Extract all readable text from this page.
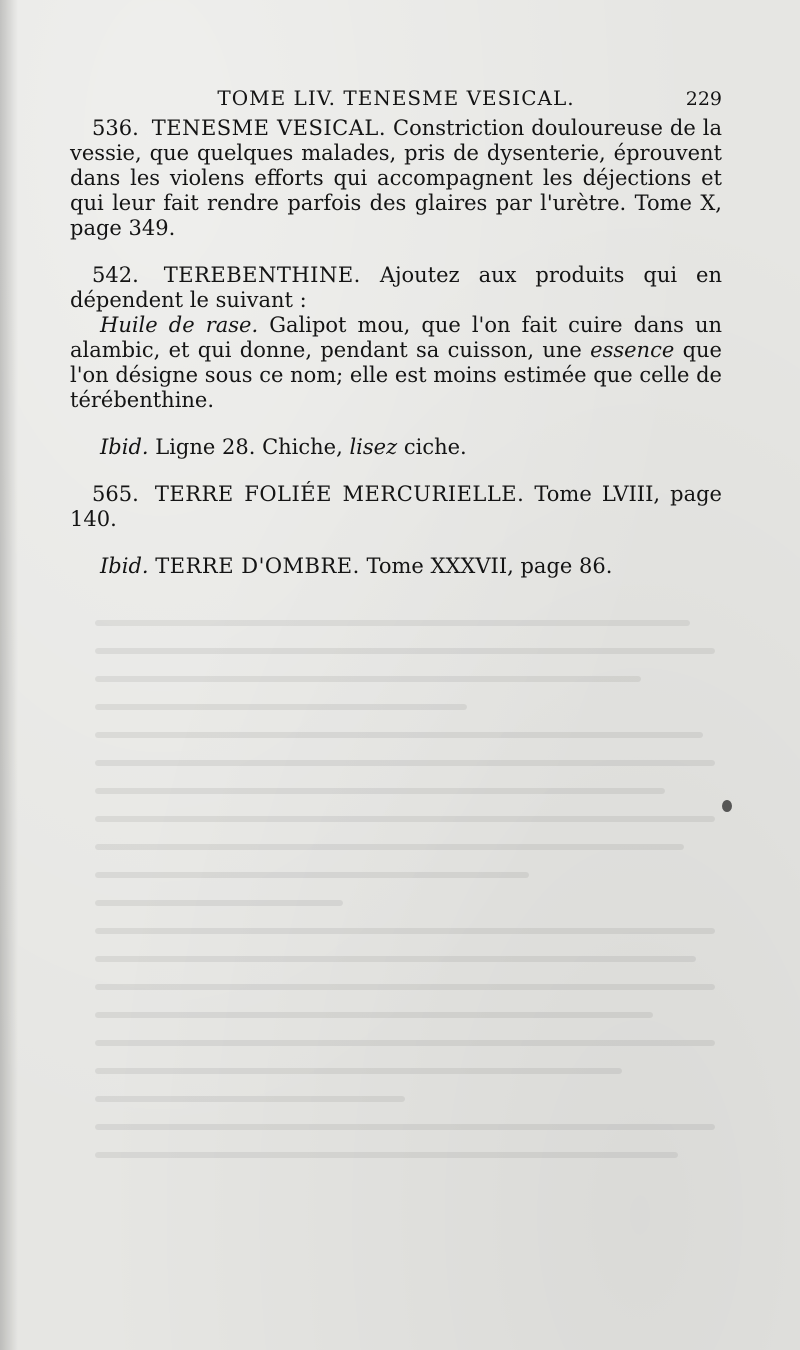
TOME LIV. TENESME VESICAL.	229

536. TENESME VESICAL. Constriction douloureuse de la vessie, que quelques malades, pris de dysenterie, éprouvent dans les violens efforts qui accompagnent les déjections et qui leur fait rendre parfois des glaires par l'urètre. Tome X, page 349.

542. TEREBENTHINE. Ajoutez aux produits qui en dépendent le suivant :

Huile de rase. Galipot mou, que l'on fait cuire dans un alambic, et qui donne, pendant sa cuisson, une essence que l'on désigne sous ce nom; elle est moins estimée que celle de térébenthine.

Ibid. Ligne 28. Chiche, lisez ciche.

565. TERRE FOLIÉE MERCURIELLE. Tome LVIII, page 140.

Ibid. TERRE D'OMBRE. Tome XXXVII, page 86.
